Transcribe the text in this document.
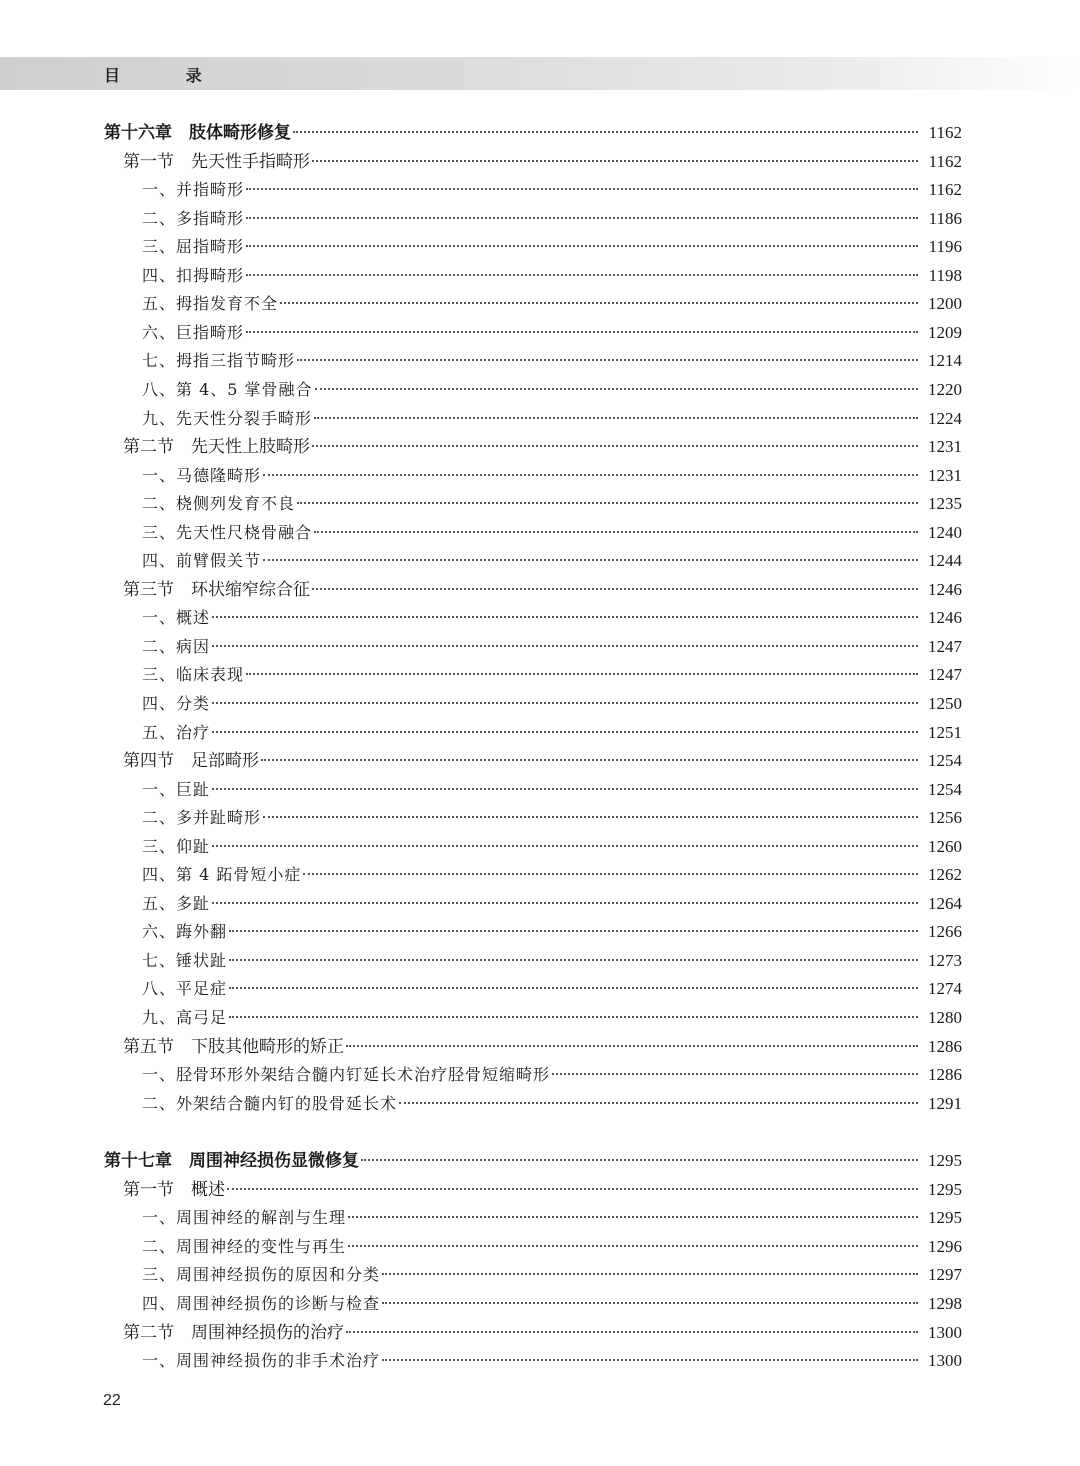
目 录
第十六章　肢体畸形修复	1162
第一节　先天性手指畸形	1162
一、并指畸形	1162
二、多指畸形	1186
三、屈指畸形	1196
四、扣拇畸形	1198
五、拇指发育不全	1200
六、巨指畸形	1209
七、拇指三指节畸形	1214
八、第 4、5 掌骨融合	1220
九、先天性分裂手畸形	1224
第二节　先天性上肢畸形	1231
一、马德隆畸形	1231
二、桡侧列发育不良	1235
三、先天性尺桡骨融合	1240
四、前臂假关节	1244
第三节　环状缩窄综合征	1246
一、概述	1246
二、病因	1247
三、临床表现	1247
四、分类	1250
五、治疗	1251
第四节　足部畸形	1254
一、巨趾	1254
二、多并趾畸形	1256
三、仰趾	1260
四、第 4 跖骨短小症	1262
五、多趾	1264
六、踇外翻	1266
七、锤状趾	1273
八、平足症	1274
九、高弓足	1280
第五节　下肢其他畸形的矫正	1286
一、胫骨环形外架结合髓内钉延长术治疗胫骨短缩畸形	1286
二、外架结合髓内钉的股骨延长术	1291
第十七章　周围神经损伤显微修复	1295
第一节　概述	1295
一、周围神经的解剖与生理	1295
二、周围神经的变性与再生	1296
三、周围神经损伤的原因和分类	1297
四、周围神经损伤的诊断与检查	1298
第二节　周围神经损伤的治疗	1300
一、周围神经损伤的非手术治疗	1300
22
